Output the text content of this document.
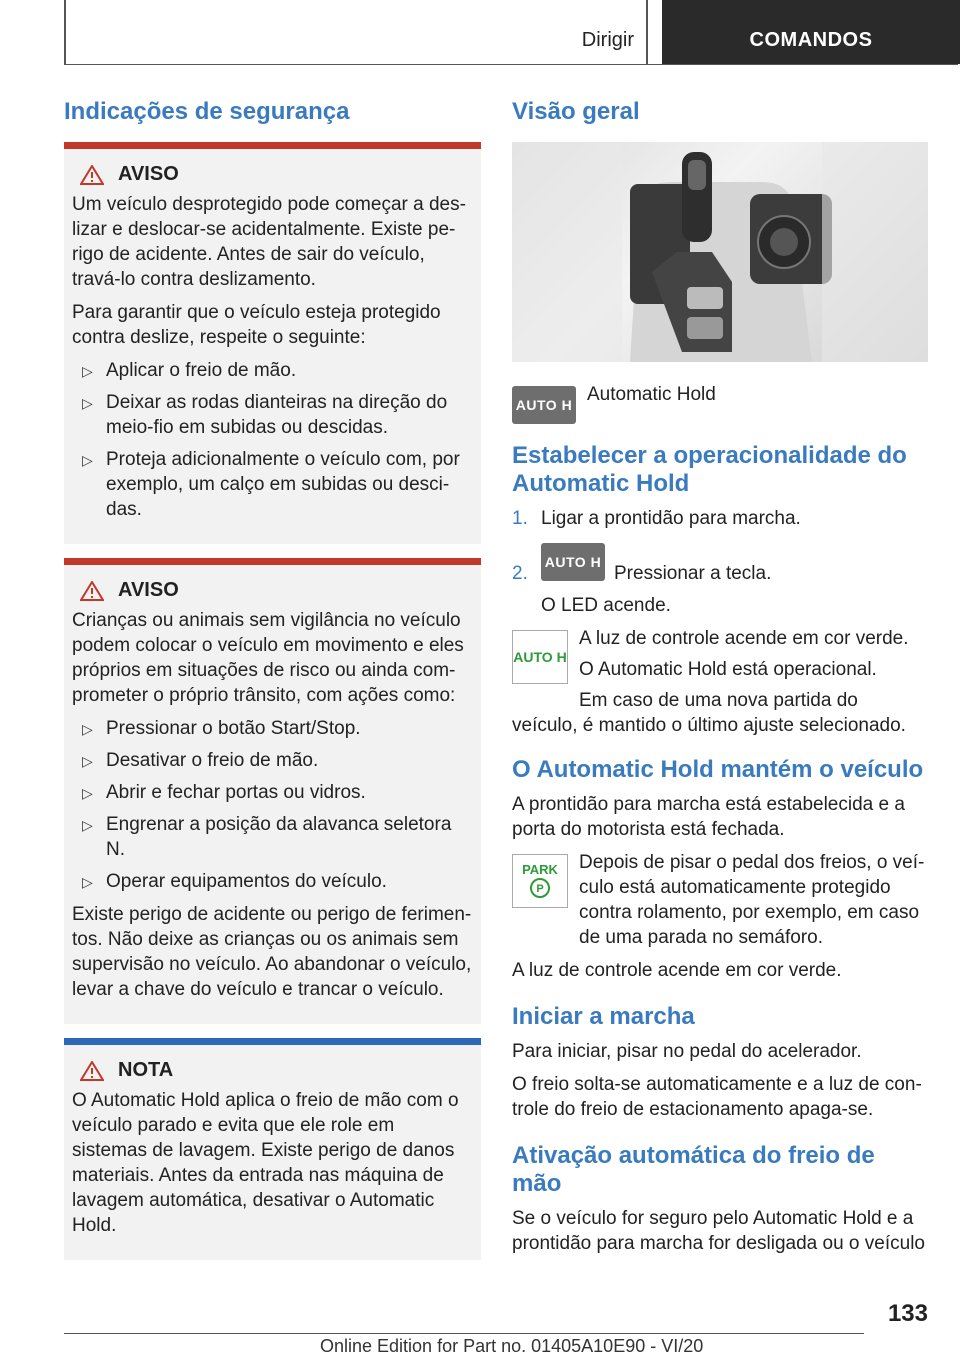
Dirigir	COMANDOS
Indicações de segurança
AVISO

Um veículo desprotegido pode começar a deslizar e deslocar-se acidentalmente. Existe perigo de acidente. Antes de sair do veículo, travá-lo contra deslizamento.

Para garantir que o veículo esteja protegido contra deslize, respeite o seguinte:

▷ Aplicar o freio de mão.
▷ Deixar as rodas dianteiras na direção do meio-fio em subidas ou descidas.
▷ Proteja adicionalmente o veículo com, por exemplo, um calço em subidas ou descidas.
AVISO

Crianças ou animais sem vigilância no veículo podem colocar o veículo em movimento e eles próprios em situações de risco ou ainda comprometer o próprio trânsito, com ações como:

▷ Pressionar o botão Start/Stop.
▷ Desativar o freio de mão.
▷ Abrir e fechar portas ou vidros.
▷ Engrenar a posição da alavanca seletora N.
▷ Operar equipamentos do veículo.

Existe perigo de acidente ou perigo de ferimentos. Não deixe as crianças ou os animais sem supervisão no veículo. Ao abandonar o veículo, levar a chave do veículo e trancar o veículo.

NOTA

O Automatic Hold aplica o freio de mão com o veículo parado e evita que ele role em sistemas de lavagem. Existe perigo de danos materiais. Antes da entrada nas máquina de lavagem automática, desativar o Automatic Hold.

Visão geral
AUTO H Automatic Hold
Estabelecer a operacionalidade do Automatic Hold
1. Ligar a prontidão para marcha.
2.
AUTO H
Pressionar a tecla.

O LED acende.

AUTO H

A luz de controle acende em cor verde.

O Automatic Hold está operacional.

Em caso de uma nova partida do veículo, é mantido o último ajuste selecionado.

O Automatic Hold mantém o veículo

A prontidão para marcha está estabelecida e a porta do motorista está fechada.

PARK
P

Depois de pisar o pedal dos freios, o veículo está automaticamente protegido contra rolamento, por exemplo, em caso de uma parada no semáforo.

A luz de controle acende em cor verde.

Iniciar a marcha

Para iniciar, pisar no pedal do acelerador.

O freio solta-se automaticamente e a luz de controle do freio de estacionamento apaga-se.

Ativação automática do freio de mão

Se o veículo for seguro pelo Automatic Hold e a prontidão para marcha for desligada ou o veículo

133
Online Edition for Part no. 01405A10E90 - VI/20
